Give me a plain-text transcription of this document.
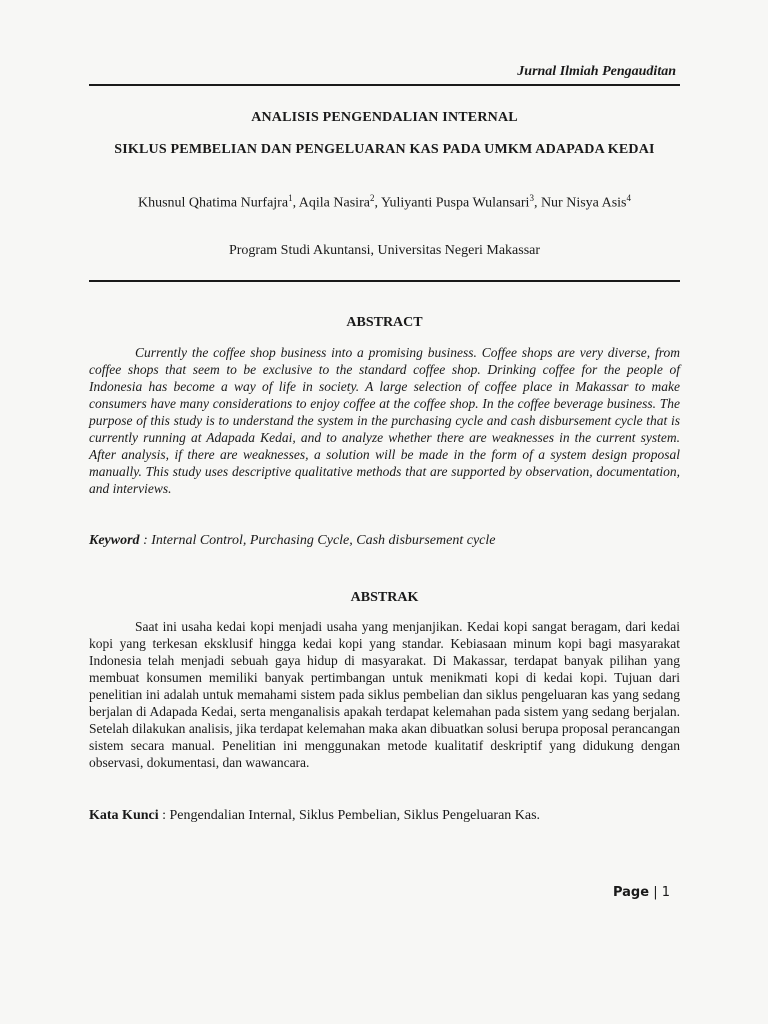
Jurnal Ilmiah Pengauditan
ANALISIS PENGENDALIAN INTERNAL
SIKLUS PEMBELIAN DAN PENGELUARAN KAS PADA UMKM ADAPADA KEDAI
Khusnul Qhatima Nurfajra$^1$, Aqila Nasira$^2$, Yuliyanti Puspa Wulansari$^3$, Nur Nisya Asis$^4$
Program Studi Akuntansi, Universitas Negeri Makassar
ABSTRACT

Currently the coffee shop business into a promising business. Coffee shops are very diverse, from coffee shops that seem to be exclusive to the standard coffee shop. Drinking coffee for the people of Indonesia has become a way of life in society. A large selection of coffee place in Makassar to make consumers have many considerations to enjoy coffee at the coffee shop. In the coffee beverage business. The purpose of this study is to understand the system in the purchasing cycle and cash disbursement cycle that is currently running at Adapada Kedai, and to analyze whether there are weaknesses in the current system. After analysis, if there are weaknesses, a solution will be made in the form of a system design proposal manually. This study uses descriptive qualitative methods that are supported by observation, documentation, and interviews.

Keyword : Internal Control, Purchasing Cycle, Cash disbursement cycle
ABSTRAK

Saat ini usaha kedai kopi menjadi usaha yang menjanjikan. Kedai kopi sangat beragam, dari kedai kopi yang terkesan eksklusif hingga kedai kopi yang standar. Kebiasaan minum kopi bagi masyarakat Indonesia telah menjadi sebuah gaya hidup di masyarakat. Di Makassar, terdapat banyak pilihan yang membuat konsumen memiliki banyak pertimbangan untuk menikmati kopi di kedai kopi. Tujuan dari penelitian ini adalah untuk memahami sistem pada siklus pembelian dan siklus pengeluaran kas yang sedang berjalan di Adapada Kedai, serta menganalisis apakah terdapat kelemahan pada sistem yang sedang berjalan. Setelah dilakukan analisis, jika terdapat kelemahan maka akan dibuatkan solusi berupa proposal perancangan sistem secara manual. Penelitian ini menggunakan metode kualitatif deskriptif yang didukung dengan observasi, dokumentasi, dan wawancara.

Kata Kunci : Pengendalian Internal, Siklus Pembelian, Siklus Pengeluaran Kas.
Page | 1
